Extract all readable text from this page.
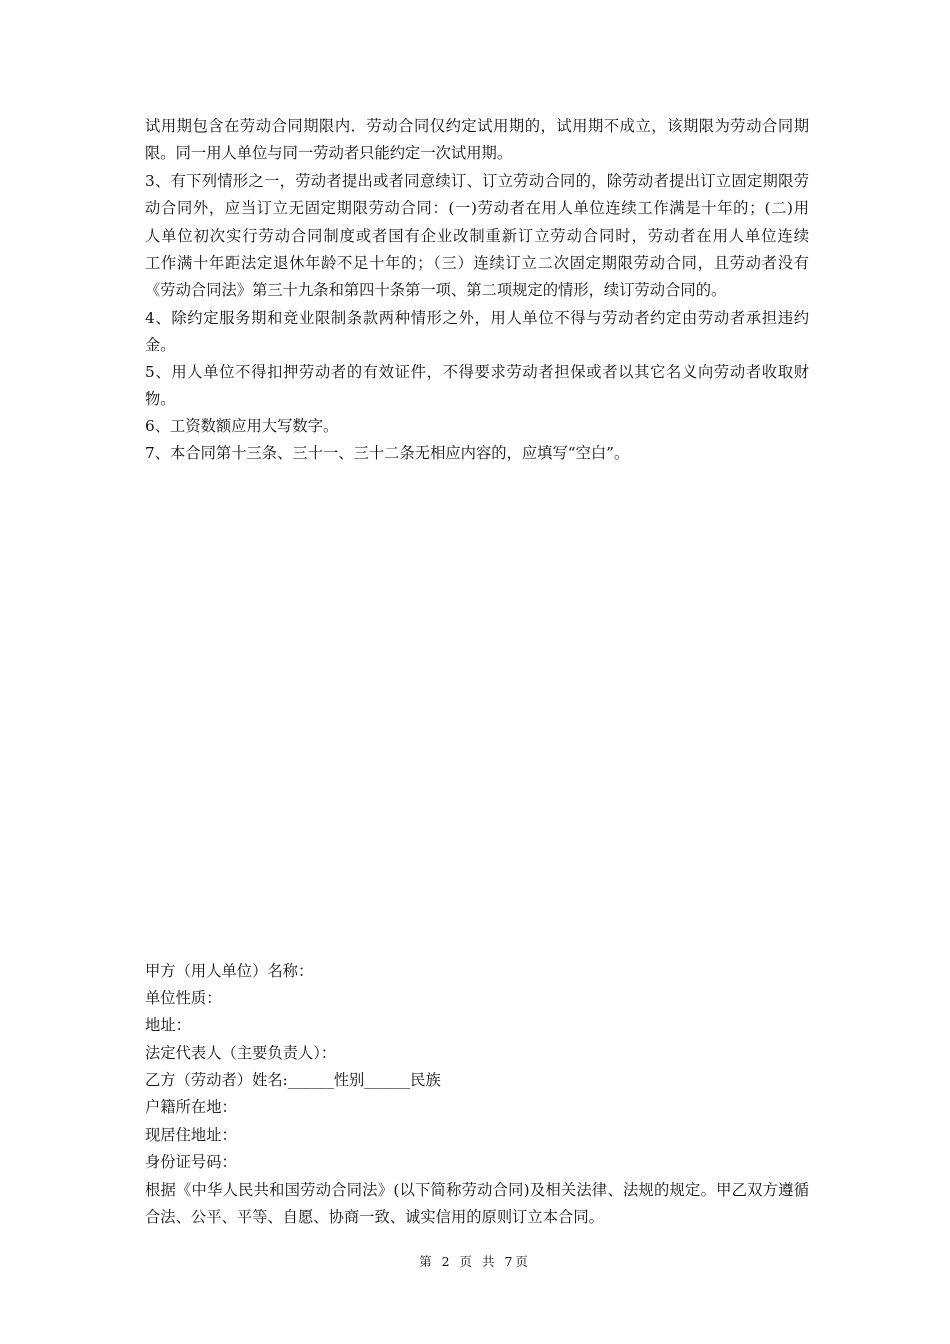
试用期包含在劳动合同期限内．劳动合同仅约定试用期的，试用期不成立，该期限为劳动合同期
限。同一用人单位与同一劳动者只能约定一次试用期。
3、有下列情形之一，劳动者提出或者同意续订、订立劳动合同的，除劳动者提出订立固定期限劳
动合同外，应当订立无固定期限劳动合同：(一)劳动者在用人单位连续工作满是十年的；(二)用
人单位初次实行劳动合同制度或者国有企业改制重新订立劳动合同时，劳动者在用人单位连续
工作满十年距法定退休年龄不足十年的；（三）连续订立二次固定期限劳动合同，且劳动者没有
《劳动合同法》第三十九条和第四十条第一项、第二项规定的情形，续订劳动合同的。
4、除约定服务期和竞业限制条款两种情形之外，用人单位不得与劳动者约定由劳动者承担违约
金。
5、用人单位不得扣押劳动者的有效证件，不得要求劳动者担保或者以其它名义向劳动者收取财
物。
6、工资数额应用大写数字。
7、本合同第十三条、三十一、三十二条无相应内容的，应填写“空白”。
甲方（用人单位）名称：
单位性质：
地址：
法定代表人（主要负责人）：
乙方（劳动者）姓名:______性别______民族
户籍所在地：
现居住地址：
身份证号码：
根据《中华人民共和国劳动合同法》(以下简称劳动合同)及相关法律、法规的规定。甲乙双方遵循
合法、公平、平等、自愿、协商一致、诚实信用的原则订立本合同。
第 2 页 共 7页
